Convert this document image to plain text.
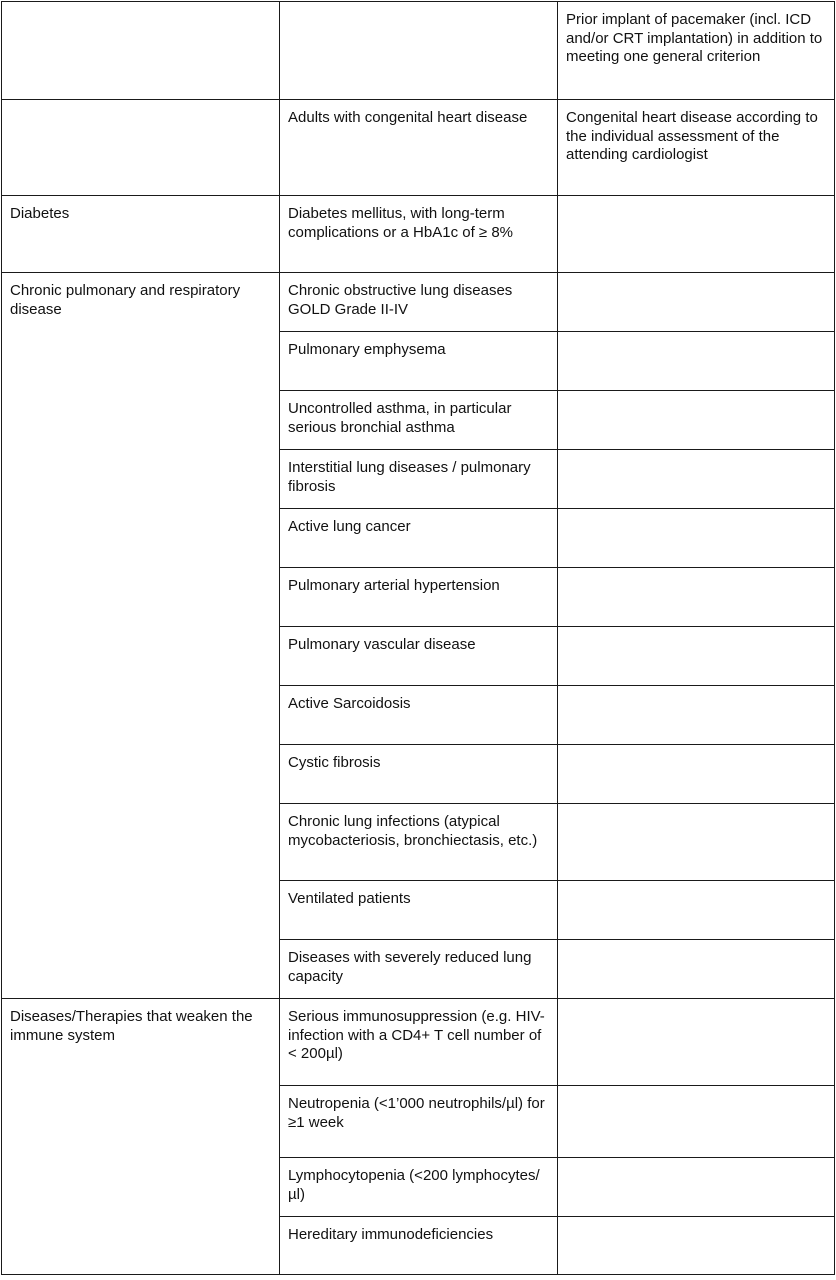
		Prior implant of pacemaker (incl. ICD and/or CRT implantation) in addition to meeting one general criterion
	Adults with congenital heart disease	Congenital heart disease according to the individual assessment of the attending cardiologist
Diabetes	Diabetes mellitus, with long-term complications or a HbA1c of ≥ 8%	
Chronic pulmonary and respiratory disease	Chronic obstructive lung diseases GOLD Grade II-IV	
	Pulmonary emphysema	
	Uncontrolled asthma, in particular serious bronchial asthma	
	Interstitial lung diseases / pulmonary fibrosis	
	Active lung cancer	
	Pulmonary arterial hypertension	
	Pulmonary vascular disease	
	Active Sarcoidosis	
	Cystic fibrosis	
	Chronic lung infections (atypical mycobacteriosis, bronchiectasis, etc.)	
	Ventilated patients	
	Diseases with severely reduced lung capacity	
Diseases/Therapies that weaken the immune system	Serious immunosuppression (e.g. HIV-infection with a CD4+ T cell number of < 200µl)	
	Neutropenia (<1’000 neutrophils/µl) for ≥1 week	
	Lymphocytopenia (<200 lymphocytes/µl)	
	Hereditary immunodeficiencies	
